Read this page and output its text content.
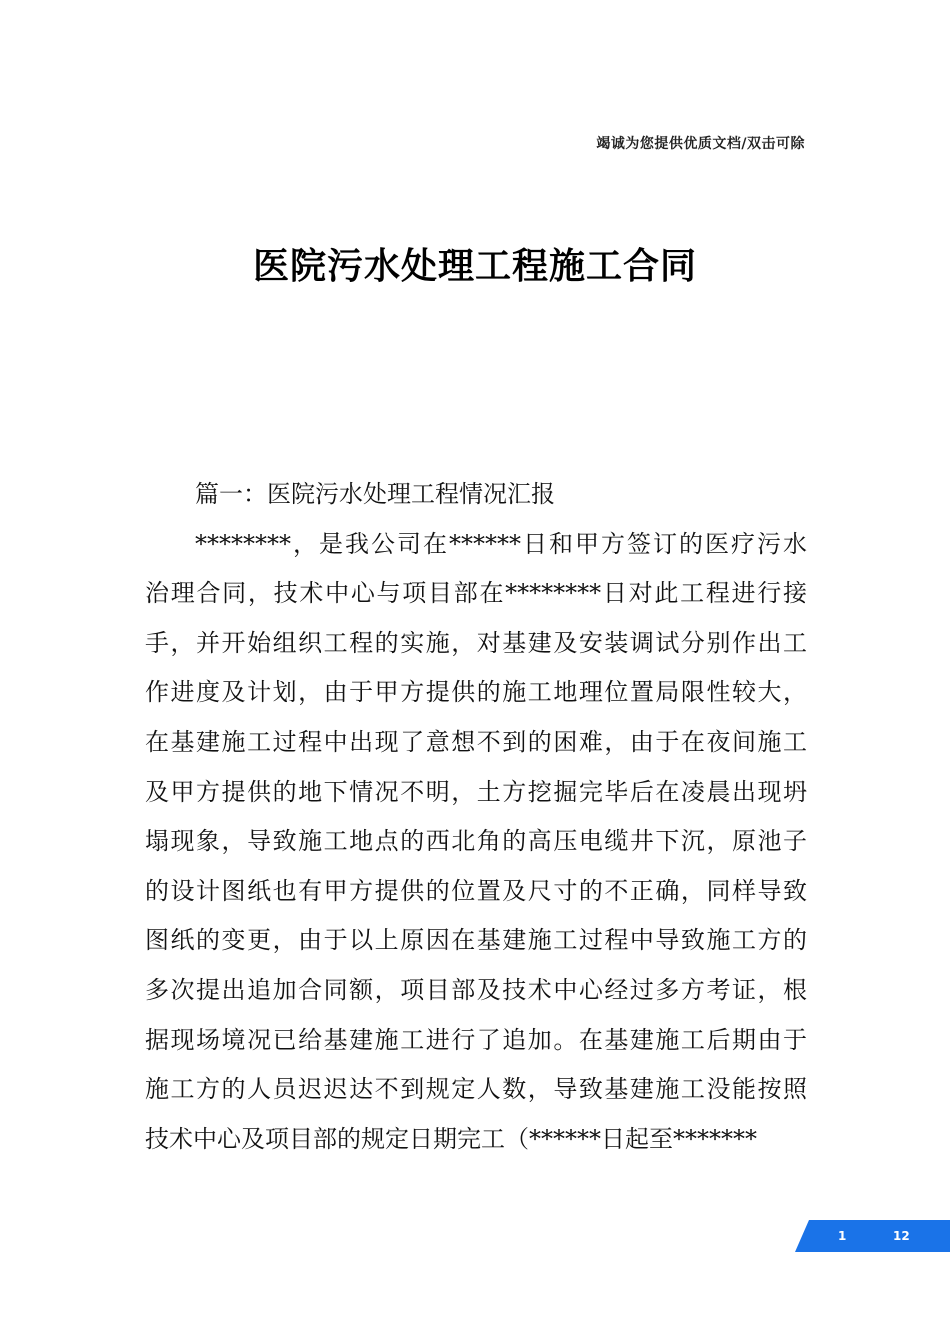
竭诚为您提供优质文档/双击可除
医院污水处理工程施工合同
篇一：医院污水处理工程情况汇报
********，是我公司在******日和甲方签订的医疗污水
治理合同，技术中心与项目部在********日对此工程进行接
手，并开始组织工程的实施，对基建及安装调试分别作出工
作进度及计划，由于甲方提供的施工地理位置局限性较大，
在基建施工过程中出现了意想不到的困难，由于在夜间施工
及甲方提供的地下情况不明，土方挖掘完毕后在凌晨出现坍
塌现象，导致施工地点的西北角的高压电缆井下沉，原池子
的设计图纸也有甲方提供的位置及尺寸的不正确，同样导致
图纸的变更，由于以上原因在基建施工过程中导致施工方的
多次提出追加合同额，项目部及技术中心经过多方考证，根
据现场境况已给基建施工进行了追加。在基建施工后期由于
施工方的人员迟迟达不到规定人数，导致基建施工没能按照
技术中心及项目部的规定日期完工（******日起至*******
1	12
